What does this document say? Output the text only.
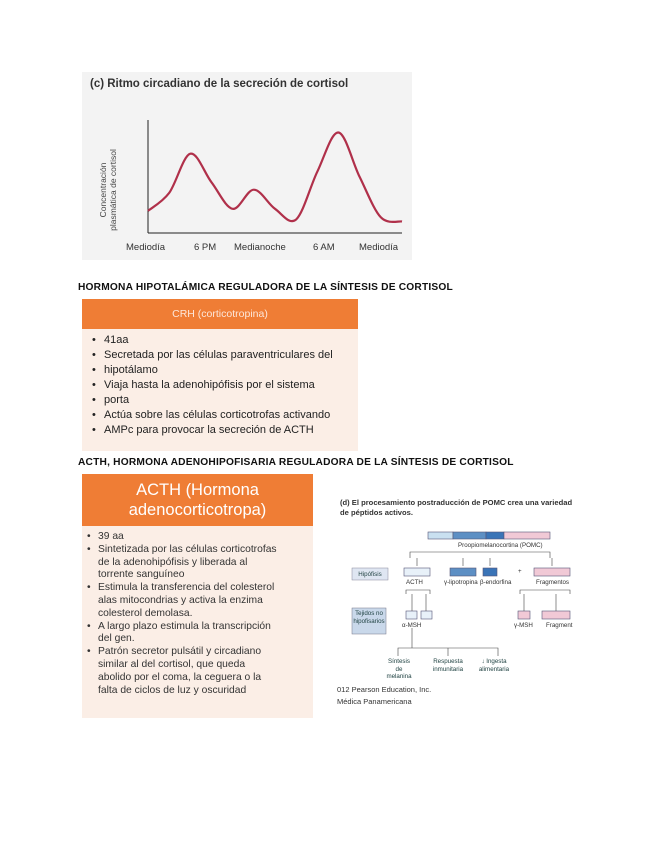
(c) Ritmo circadiano de la secreción de cortisol
Concentración plasmática de cortisol
Mediodía	6 PM Medianoche	6 AM	Mediodía
HORMONA HIPOTALÁMICA REGULADORA DE LA SÍNTESIS DE CORTISOL
CRH (corticotropina)
• 41aa
• Secretada por las células paraventriculares del
• hipotálamo
• Viaja hasta la adenohipófisis por el sistema
• porta
• Actúa sobre las células corticotrofas activando
• AMPc para provocar la secreción de ACTH
ACTH, HORMONA ADENOHIPOFISARIA REGULADORA DE LA SÍNTESIS DE CORTISOL
ACTH (Hormona
adenocorticotropa)
• 39 aa
• Sintetizada por las células corticotrofas
de la adenohipófisis y liberada al
torrente sanguíneo
• Estimula la transferencia del colesterol
alas mitocondrias y activa la enzima
colesterol demolasa.
• A largo plazo estimula la transcripción
del gen.
• Patrón secretor pulsátil y circadiano
similar al del cortisol, que queda
abolido por el coma, la ceguera o la
falta de ciclos de luz y oscuridad
(d) El procesamiento postraducción de POMC crea una variedad de péptidos activos.
Proopiomelanocortina (POMC)
Hipófisis
ACTH	γ-lipotropina β-endorfina
+
Fragmentos
Tejidos no hipofisarios
α-MSH	γ-MSH Fragment
Síntesis de melanina
Respuesta inmunitaria
↓ Ingesta alimentaria
012 Pearson Education, Inc.
Médica Panamericana
